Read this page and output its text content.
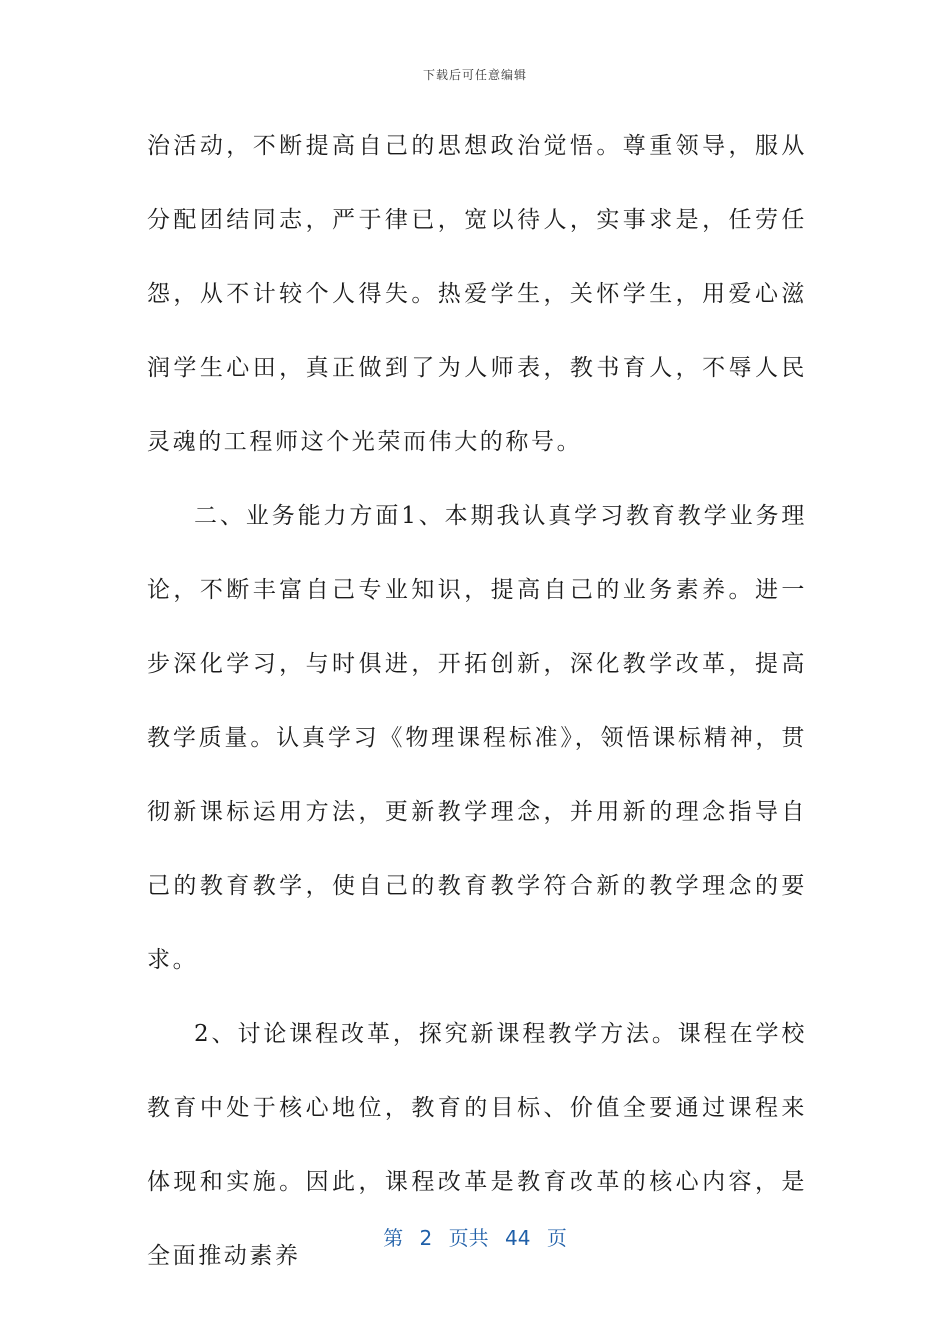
下载后可任意编辑

治活动，不断提高自己的思想政治觉悟。尊重领导，服从分配团结同志，严于律已，宽以待人，实事求是，任劳任怨，从不计较个人得失。热爱学生，关怀学生，用爱心滋润学生心田，真正做到了为人师表，教书育人，不辱人民灵魂的工程师这个光荣而伟大的称号。

二、业务能力方面1、本期我认真学习教育教学业务理论，不断丰富自己专业知识，提高自己的业务素养。进一步深化学习，与时俱进，开拓创新，深化教学改革，提高教学质量。认真学习《物理课程标准》，领悟课标精神，贯彻新课标运用方法，更新教学理念，并用新的理念指导自己的教育教学，使自己的教育教学符合新的教学理念的要求。

2、讨论课程改革，探究新课程教学方法。课程在学校教育中处于核心地位，教育的目标、价值全要通过课程来体现和实施。因此，课程改革是教育改革的核心内容，是全面推动素养

第 2 页共 44 页
